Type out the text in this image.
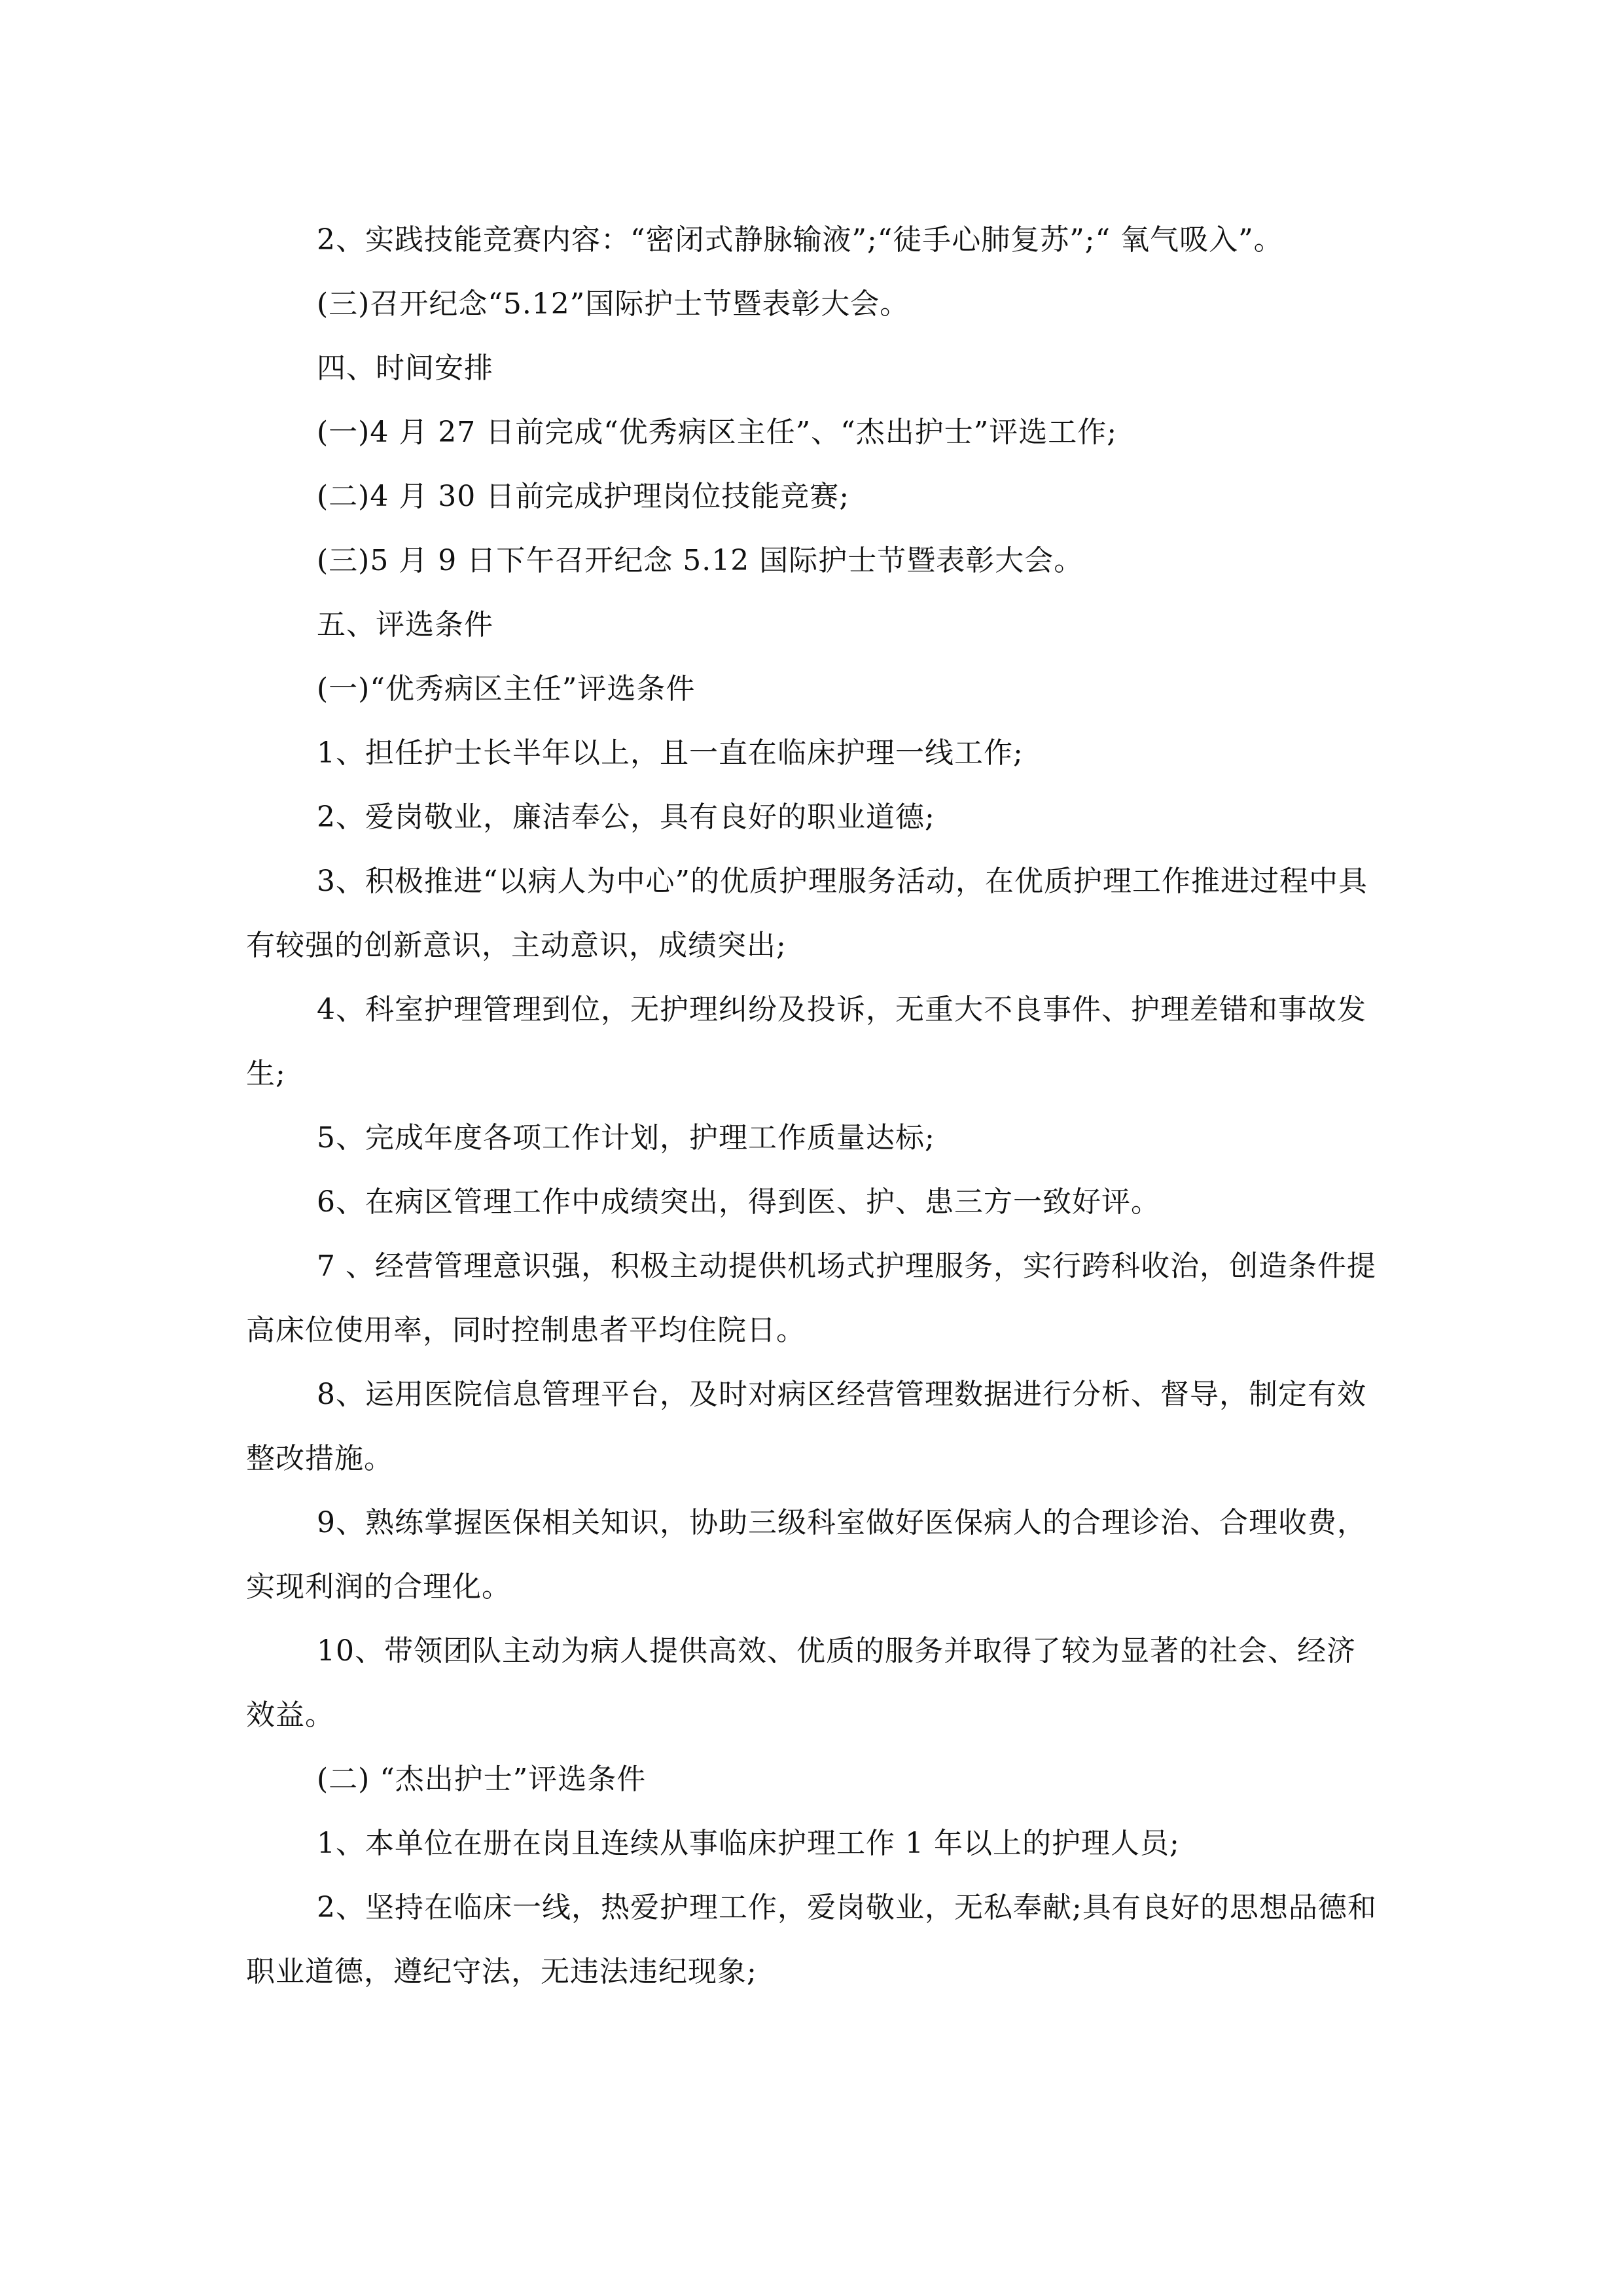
2、实践技能竞赛内容：“密闭式静脉输液”;“徒手心肺复苏”;“ 氧气吸入”。

(三)召开纪念“5.12”国际护士节暨表彰大会。

四、时间安排

(一)4 月 27 日前完成“优秀病区主任”、“杰出护士”评选工作;

(二)4 月 30 日前完成护理岗位技能竞赛;

(三)5 月 9 日下午召开纪念 5.12 国际护士节暨表彰大会。

五、评选条件

(一)“优秀病区主任”评选条件

1、担任护士长半年以上，且一直在临床护理一线工作;

2、爱岗敬业，廉洁奉公，具有良好的职业道德;

3、积极推进“以病人为中心”的优质护理服务活动，在优质护理工作推进过程中具有较强的创新意识，主动意识，成绩突出;

4、科室护理管理到位，无护理纠纷及投诉，无重大不良事件、护理差错和事故发生;

5、完成年度各项工作计划，护理工作质量达标;

6、在病区管理工作中成绩突出，得到医、护、患三方一致好评。

7 、经营管理意识强，积极主动提供机场式护理服务，实行跨科收治，创造条件提高床位使用率，同时控制患者平均住院日。

8、运用医院信息管理平台，及时对病区经营管理数据进行分析、督导，制定有效整改措施。

9、熟练掌握医保相关知识，协助三级科室做好医保病人的合理诊治、合理收费，实现利润的合理化。

10、带领团队主动为病人提供高效、优质的服务并取得了较为显著的社会、经济效益。

(二) “杰出护士”评选条件

1、本单位在册在岗且连续从事临床护理工作 1 年以上的护理人员;

2、坚持在临床一线，热爱护理工作，爱岗敬业，无私奉献;具有良好的思想品德和职业道德，遵纪守法，无违法违纪现象;
